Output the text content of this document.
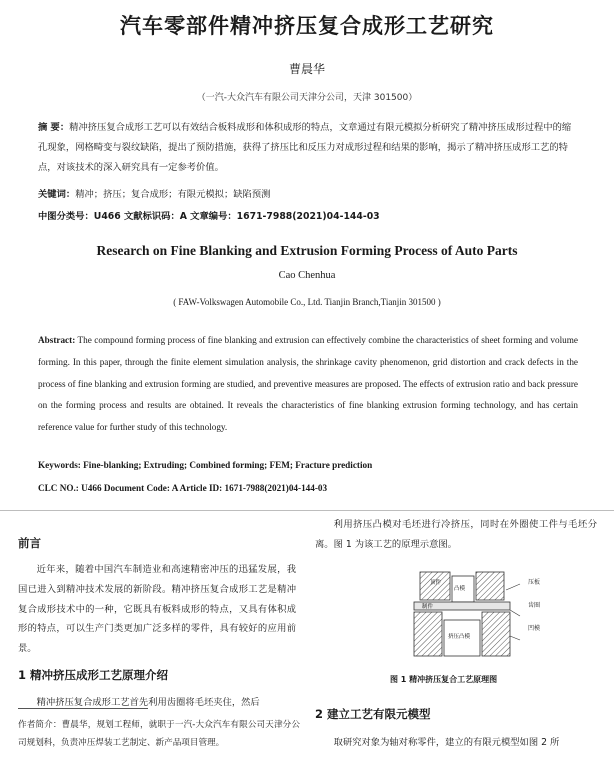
汽车零部件精冲挤压复合成形工艺研究
曹晨华
（一汽-大众汽车有限公司天津分公司，天津 301500）
摘 要：精冲挤压复合成形工艺可以有效结合板料成形和体积成形的特点，文章通过有限元模拟分析研究了精冲挤压成形过程中的缩孔现象，网格畸变与裂纹缺陷，提出了预防措施，获得了挤压比和反压力对成形过程和结果的影响，揭示了精冲挤压成形工艺的特点，对该技术的深入研究具有一定参考价值。
关键词：精冲；挤压；复合成形；有限元模拟；缺陷预测
中图分类号：U466 文献标识码：A 文章编号：1671-7988(2021)04-144-03
Research on Fine Blanking and Extrusion Forming Process of Auto Parts
Cao Chenhua
( FAW-Volkswagen Automobile Co., Ltd. Tianjin Branch,Tianjin 301500 )
Abstract: The compound forming process of fine blanking and extrusion can effectively combine the characteristics of sheet forming and volume forming. In this paper, through the finite element simulation analysis, the shrinkage cavity phenomenon, grid distortion and crack defects in the process of fine blanking and extrusion forming are studied, and preventive measures are proposed. The effects of extrusion ratio and back pressure on the forming process and results are obtained. It reveals the characteristics of fine blanking extrusion forming technology, and has certain reference value for further study of this technology.
Keywords: Fine-blanking; Extruding; Combined forming; FEM; Fracture prediction
CLC NO.: U466 Document Code: A Article ID: 1671-7988(2021)04-144-03
前言
近年来，随着中国汽车制造业和高速精密冲压的迅猛发展，我国已进入到精冲技术发展的新阶段。精冲挤压复合成形工艺是精冲复合成形技术中的一种，它既具有板料成形的特点，又具有体积成形的特点，可以生产门类更加广泛多样的零件，具有较好的应用前景。
1 精冲挤压成形工艺原理介绍
精冲挤压复合成形工艺首先利用齿圈将毛坯夹住，然后
作者简介：曹晨华，规划工程师，就职于一汽-大众汽车有限公司天津分公司规划科，负责冲压焊装工艺制定、新产品项目管理。
利用挤压凸模对毛坯进行冷挤压，同时在外圈使工件与毛坯分离。图 1 为该工艺的原理示意图。
凸模
制件
挤压凸模
顶件	压板
齿圈
凹模
图 1 精冲挤压复合工艺原理图
2 建立工艺有限元模型
取研究对象为轴对称零件，建立的有限元模型如图 2 所
